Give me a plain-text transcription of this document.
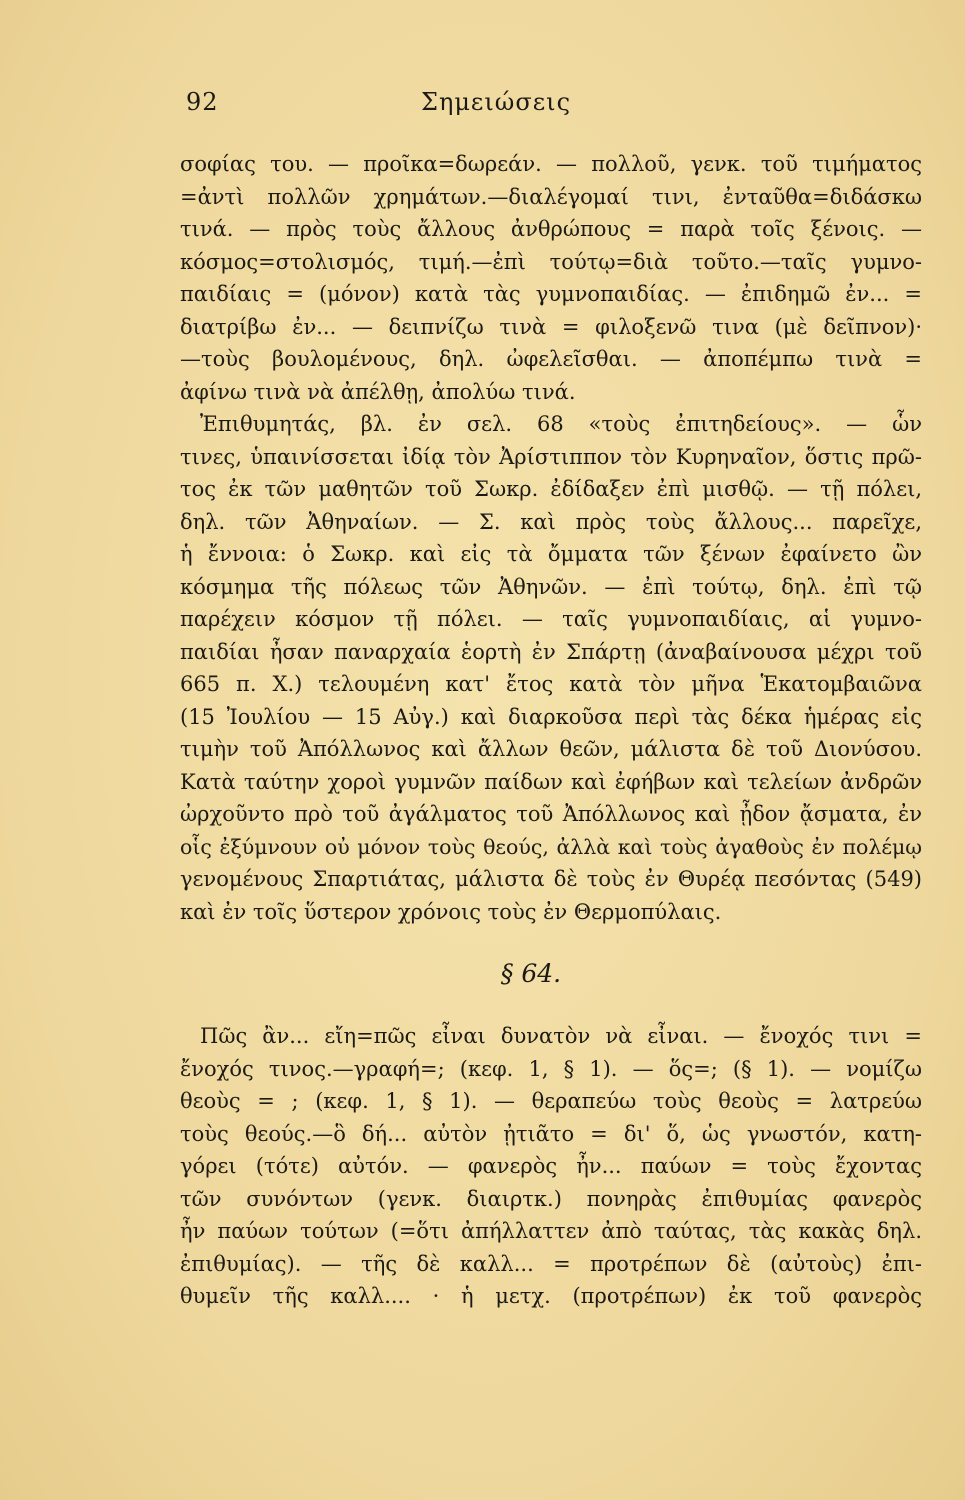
92	Σημειώσεις
σοφίας του. — προῖκα=δωρεάν. — πολλοῦ, γενκ. τοῦ τιμήματος
=ἀντὶ πολλῶν χρημάτων.—διαλέγομαί τινι, ἐνταῦθα=διδάσκω
τινά. — πρὸς τοὺς ἄλλους ἀνθρώπους = παρὰ τοῖς ξένοις. —
κόσμος=στολισμός, τιμή.—ἐπὶ τούτῳ=διὰ τοῦτο.—ταῖς γυμνο-
παιδίαις = (μόνον) κατὰ τὰς γυμνοπαιδίας. — ἐπιδημῶ ἐν... =
διατρίβω ἐν... — δειπνίζω τινὰ = φιλοξενῶ τινα (μὲ δεῖπνον)·
—τοὺς βουλομένους, δηλ. ὠφελεῖσθαι. — ἀποπέμπω τινὰ =
ἀφίνω τινὰ νὰ ἀπέλθῃ, ἀπολύω τινά.
Ἐπιθυμητάς, βλ. ἐν σελ. 68 «τοὺς ἐπιτηδείους». — ὧν
τινες, ὑπαινίσσεται ἰδίᾳ τὸν Ἀρίστιππον τὸν Κυρηναῖον, ὅστις πρῶ-
τος ἐκ τῶν μαθητῶν τοῦ Σωκρ. ἐδίδαξεν ἐπὶ μισθῷ. — τῇ πόλει,
δηλ. τῶν Ἀθηναίων. — Σ. καὶ πρὸς τοὺς ἄλλους... παρεῖχε,
ἡ ἔννοια: ὁ Σωκρ. καὶ εἰς τὰ ὄμματα τῶν ξένων ἐφαίνετο ὢν
κόσμημα τῆς πόλεως τῶν Ἀθηνῶν. — ἐπὶ τούτῳ, δηλ. ἐπὶ τῷ
παρέχειν κόσμον τῇ πόλει. — ταῖς γυμνοπαιδίαις, αἱ γυμνο-
παιδίαι ἦσαν παναρχαία ἑορτὴ ἐν Σπάρτῃ (ἀναβαίνουσα μέχρι τοῦ
665 π. Χ.) τελουμένη κατ' ἔτος κατὰ τὸν μῆνα Ἑκατομβαιῶνα
(15 Ἰουλίου — 15 Αὐγ.) καὶ διαρκοῦσα περὶ τὰς δέκα ἡμέρας εἰς
τιμὴν τοῦ Ἀπόλλωνος καὶ ἄλλων θεῶν, μάλιστα δὲ τοῦ Διονύσου.
Κατὰ ταύτην χοροὶ γυμνῶν παίδων καὶ ἐφήβων καὶ τελείων ἀνδρῶν
ὠρχοῦντο πρὸ τοῦ ἀγάλματος τοῦ Ἀπόλλωνος καὶ ᾖδον ᾄσματα, ἐν
οἷς ἐξύμνουν οὐ μόνον τοὺς θεούς, ἀλλὰ καὶ τοὺς ἀγαθοὺς ἐν πολέμῳ
γενομένους Σπαρτιάτας, μάλιστα δὲ τοὺς ἐν Θυρέᾳ πεσόντας (549)
καὶ ἐν τοῖς ὕστερον χρόνοις τοὺς ἐν Θερμοπύλαις.
§ 64.
Πῶς ἂν... εἴη=πῶς εἶναι δυνατὸν νὰ εἶναι. — ἔνοχός τινι =
ἔνοχός τινος.—γραφή=; (κεφ. 1, § 1). — ὅς=; (§ 1). — νομίζω
θεοὺς = ; (κεφ. 1, § 1). — θεραπεύω τοὺς θεοὺς = λατρεύω
τοὺς θεούς.—ὃ δή... αὐτὸν ᾐτιᾶτο = δι' ὅ, ὡς γνωστόν, κατη-
γόρει (τότε) αὐτόν. — φανερὸς ἦν... παύων = τοὺς ἔχοντας
τῶν συνόντων (γενκ. διαιρτκ.) πονηρὰς ἐπιθυμίας φανερὸς
ἦν παύων τούτων (=ὅτι ἀπήλλαττεν ἀπὸ ταύτας, τὰς κακὰς δηλ.
ἐπιθυμίας). — τῆς δὲ καλλ... = προτρέπων δὲ (αὐτοὺς) ἐπι-
θυμεῖν τῆς καλλ.... · ἡ μετχ. (προτρέπων) ἐκ τοῦ φανερὸς
